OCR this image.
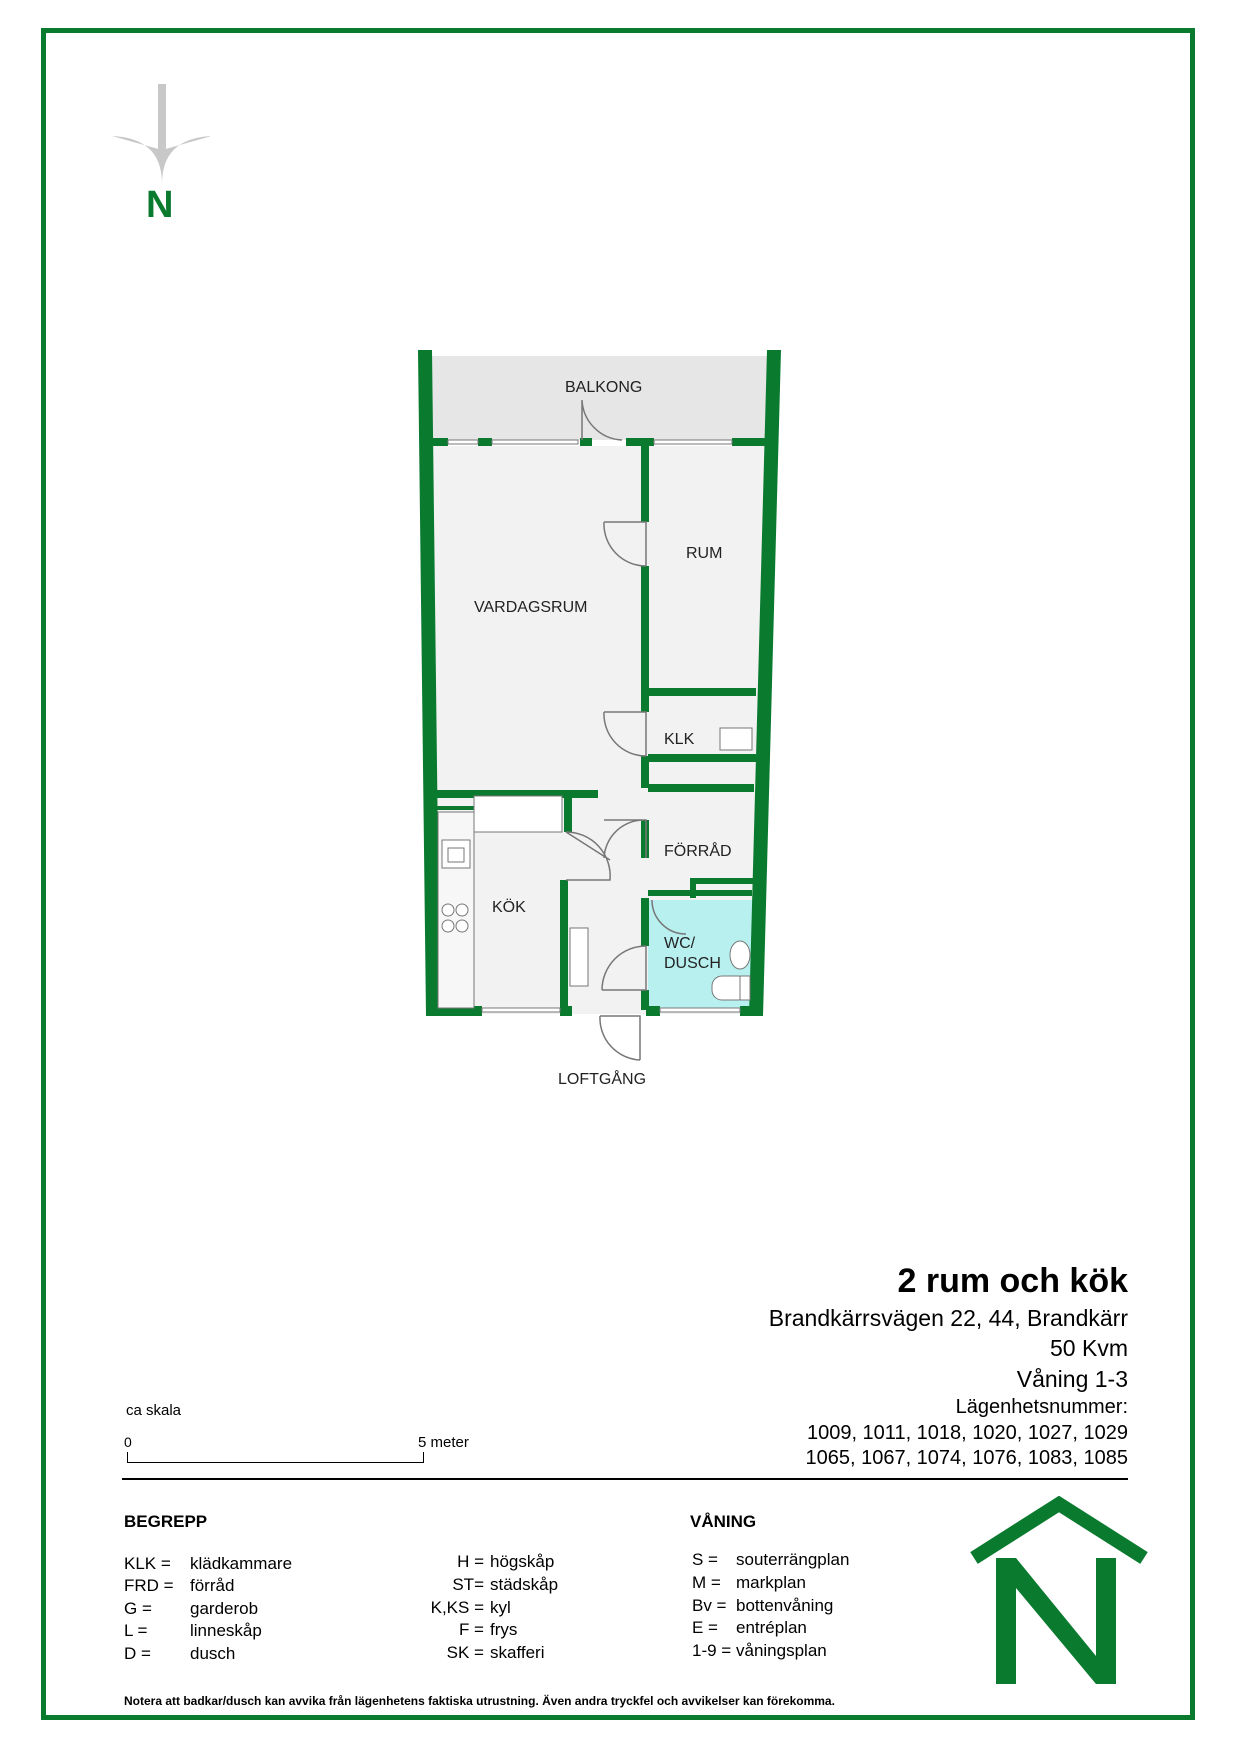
N
BALKONG
RUM
VARDAGSRUM
KLK
FÖRRÅD
KÖK
WC/
DUSCH
LOFTGÅNG
2 rum och kök
Brandkärrsvägen 22, 44, Brandkärr
50 Kvm
Våning 1-3
Lägenhetsnummer:
1009, 1011, 1018, 1020, 1027, 1029
1065, 1067, 1074, 1076, 1083, 1085
ca skala
0	5 meter
BEGREPP
KLK = klädkammare
FRD = förråd
G = garderob
L =	linneskåp
D = dusch
H = högskåp
ST= städskåp
K,KS = kyl
F = frys
SK = skafferi
VÅNING
S = souterrängplan
M = markplan
Bv = bottenvåning
E = entréplan
1-9 = våningsplan
Notera att badkar/dusch kan avvika från lägenhetens faktiska utrustning. Även andra tryckfel och avvikelser kan förekomma.
